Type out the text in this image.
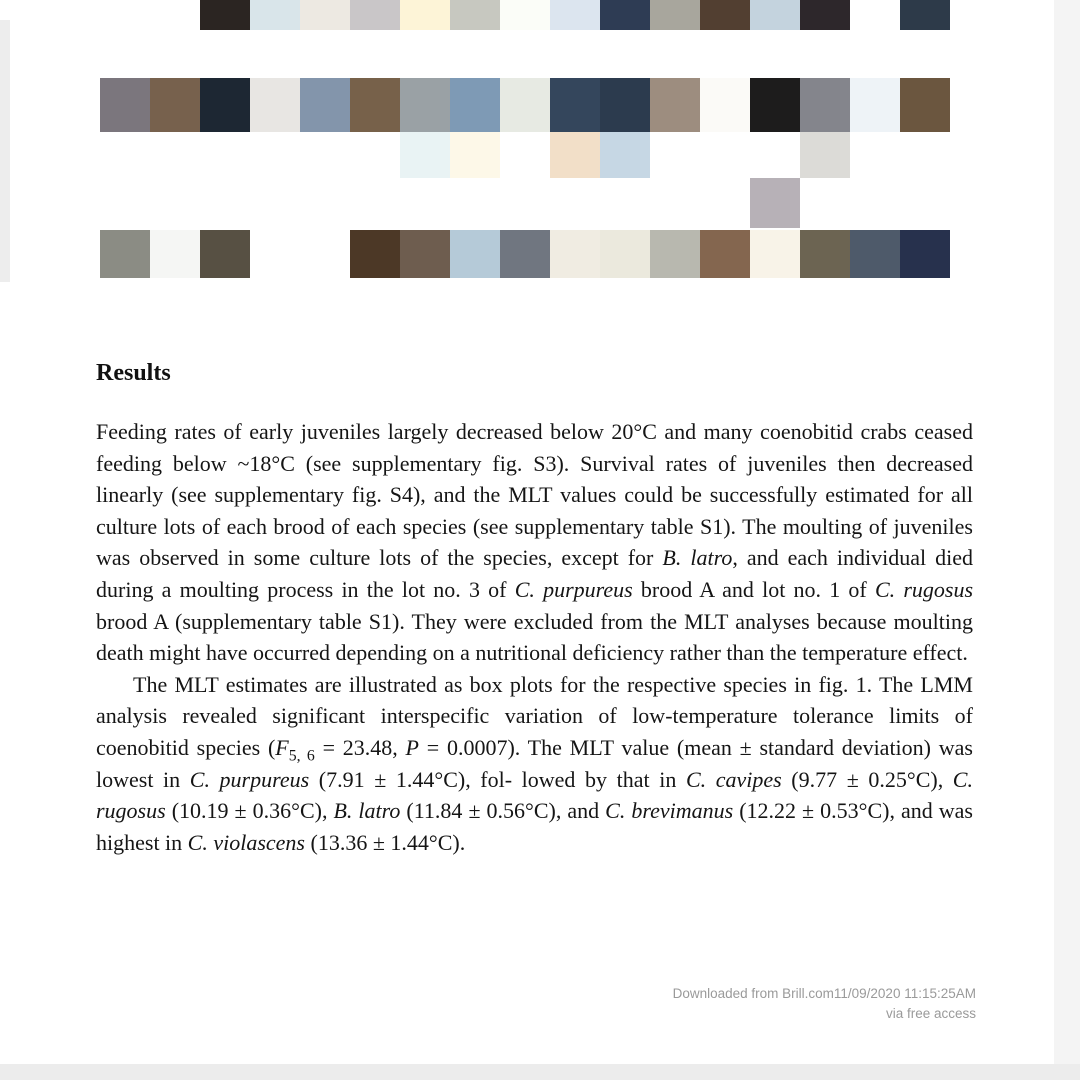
Results

Feeding rates of early juveniles largely decreased below 20°C and many coenobitid crabs ceased feeding below ~18°C (see supplementary fig. S3). Survival rates of juveniles then decreased linearly (see supplementary fig. S4), and the MLT values could be successfully estimated for all culture lots of each brood of each species (see supplementary table S1). The moulting of juveniles was observed in some culture lots of the species, except for B. latro, and each individual died during a moulting process in the lot no. 3 of C. purpureus brood A and lot no. 1 of C. rugosus brood A (supplementary table S1). They were excluded from the MLT analyses because moulting death might have occurred depending on a nutritional deficiency rather than the temperature effect.

The MLT estimates are illustrated as box plots for the respective species in fig. 1. The LMM analysis revealed significant interspecific variation of low-temperature tolerance limits of coenobitid species ($F_{5, 6} = 23.48$, P = 0.0007). The MLT value (mean ± standard deviation) was lowest in C. purpureus (7.91 ± 1.44°C), fol- lowed by that in C. cavipes (9.77 ± 0.25°C), C. rugosus (10.19 ± 0.36°C), B. latro (11.84 ± 0.56°C), and C. brevimanus (12.22 ± 0.53°C), and was highest in C. violascens (13.36 ± 1.44°C).

Downloaded from Brill.com11/09/2020 11:15:25AM
via free access
